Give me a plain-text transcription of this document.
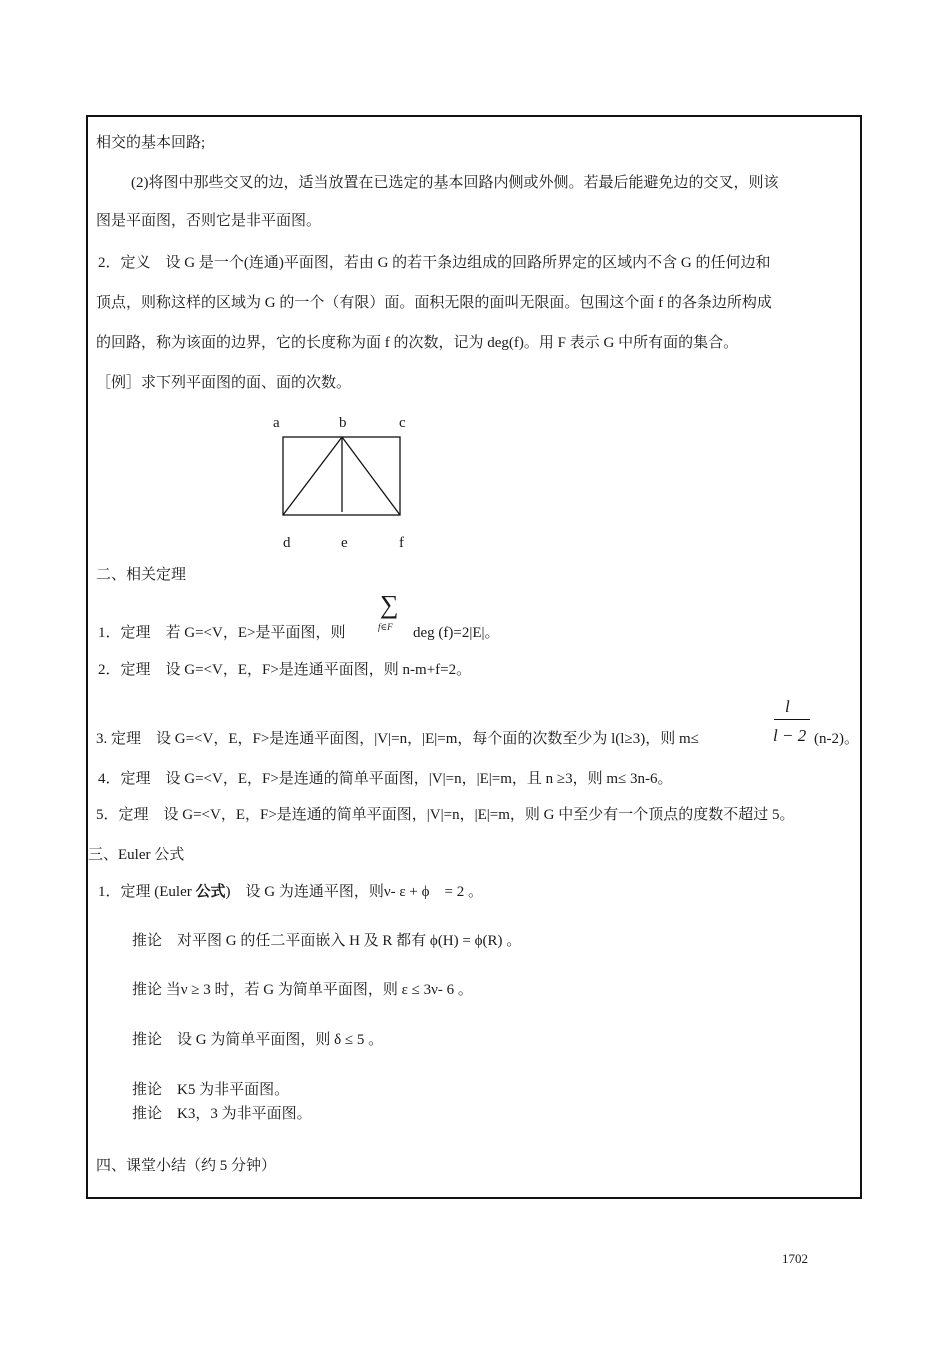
相交的基本回路;
(2)将图中那些交叉的边，适当放置在已选定的基本回路内侧或外侧。若最后能避免边的交叉，则该
图是平面图，否则它是非平面图。
2．定义　设 G 是一个(连通)平面图，若由 G 的若干条边组成的回路所界定的区域内不含 G 的任何边和
顶点，则称这样的区域为 G 的一个（有限）面。面积无限的面叫无限面。包围这个面 f 的各条边所构成
的回路，称为该面的边界，它的长度称为面 f 的次数，记为 deg(f)。用 F 表示 G 中所有面的集合。
［例］求下列平面图的面、面的次数。
a	b	c
d	e	f
二、相关定理
∑
f∈F
1．定理　若 G=<V，E>是平面图，则	deg (f)=2|E|。
2．定理　设 G=<V，E，F>是连通平面图，则 n-m+f=2。
l
3. 定理　设 G=<V，E，F>是连通平面图，|V|=n，|E|=m，每个面的次数至少为 l(l≥3)，则 m≤	l − 2 (n-2)。
4．定理　设 G=<V，E，F>是连通的简单平面图，|V|=n，|E|=m，且 n ≥3，则 m≤ 3n-6。
5．定理　设 G=<V，E，F>是连通的简单平面图，|V|=n，|E|=m，则 G 中至少有一个顶点的度数不超过 5。
三、Euler 公式
1．定理 (Euler 公式)　设 G 为连通平图，则ν- ε + ϕ　= 2 。
推论　对平图 G 的任二平面嵌入 H 及 R 都有 ϕ(H) = ϕ(R) 。
推论 当ν ≥ 3 时，若 G 为简单平面图，则 ε ≤ 3ν- 6 。
推论　设 G 为简单平面图，则 δ ≤ 5 。
推论　K5 为非平面图。
推论　K3，3 为非平面图。
四、课堂小结（约 5 分钟）
1702
